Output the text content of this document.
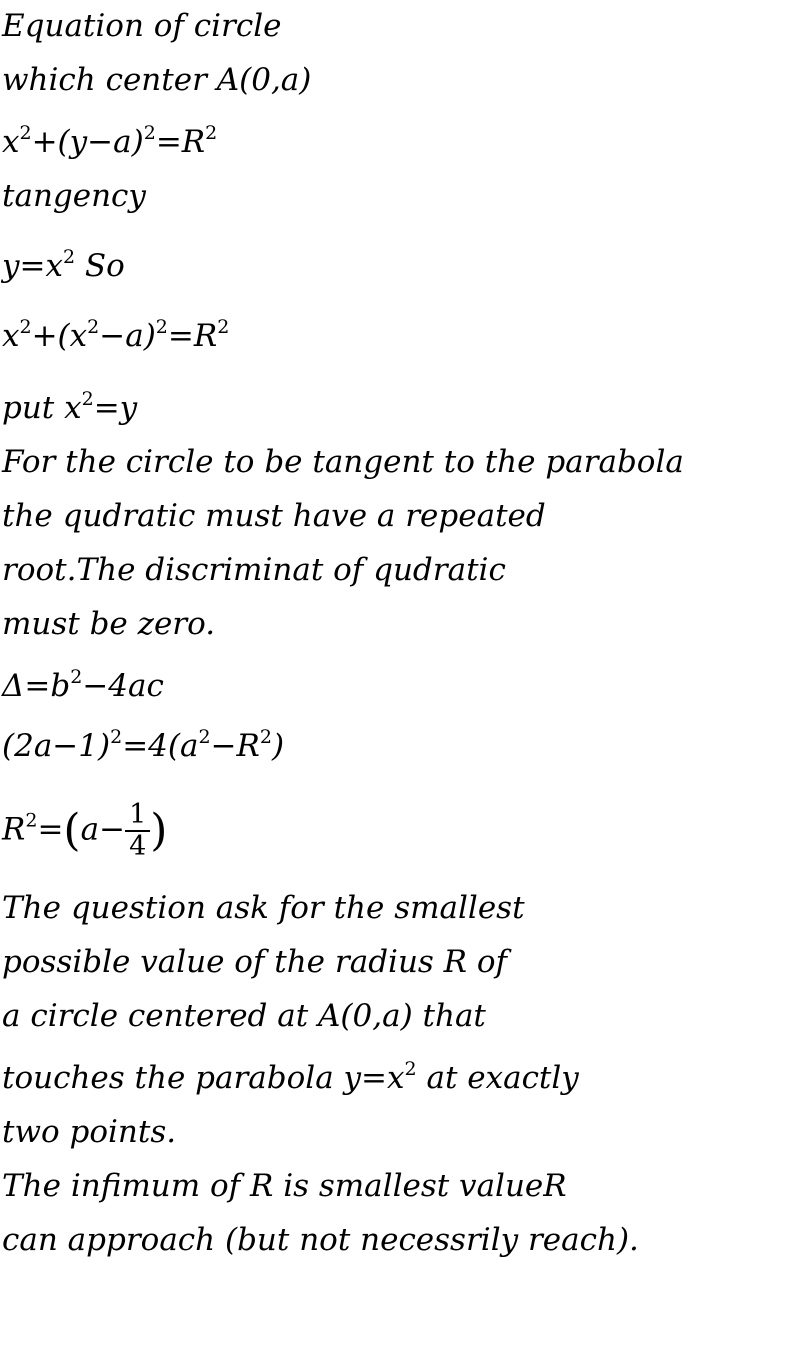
Equation of circle
which center A(0,a)
$x^2+(y-a)^2=R^2$
tangency
$y=x^2$ So
$x^2+(x^2-a)^2=R^2$
put $x^2=y$
For the circle to be tangent to the parabola
the qudratic must have a repeated
root.The discriminat of qudratic
must be zero.
$\Delta=b^2-4ac$
$(2a-1)^2=4(a^2-R^2)$
$R^2=(a- \frac{1}{4}$ )
The question ask for the smallest
possible value of the radius R of
a circle centered at A(0,a) that
touches the parabola $y=x^2$ at exactly
two points.
The infimum of R is smallest valueR
can approach (but not necessrily reach).
